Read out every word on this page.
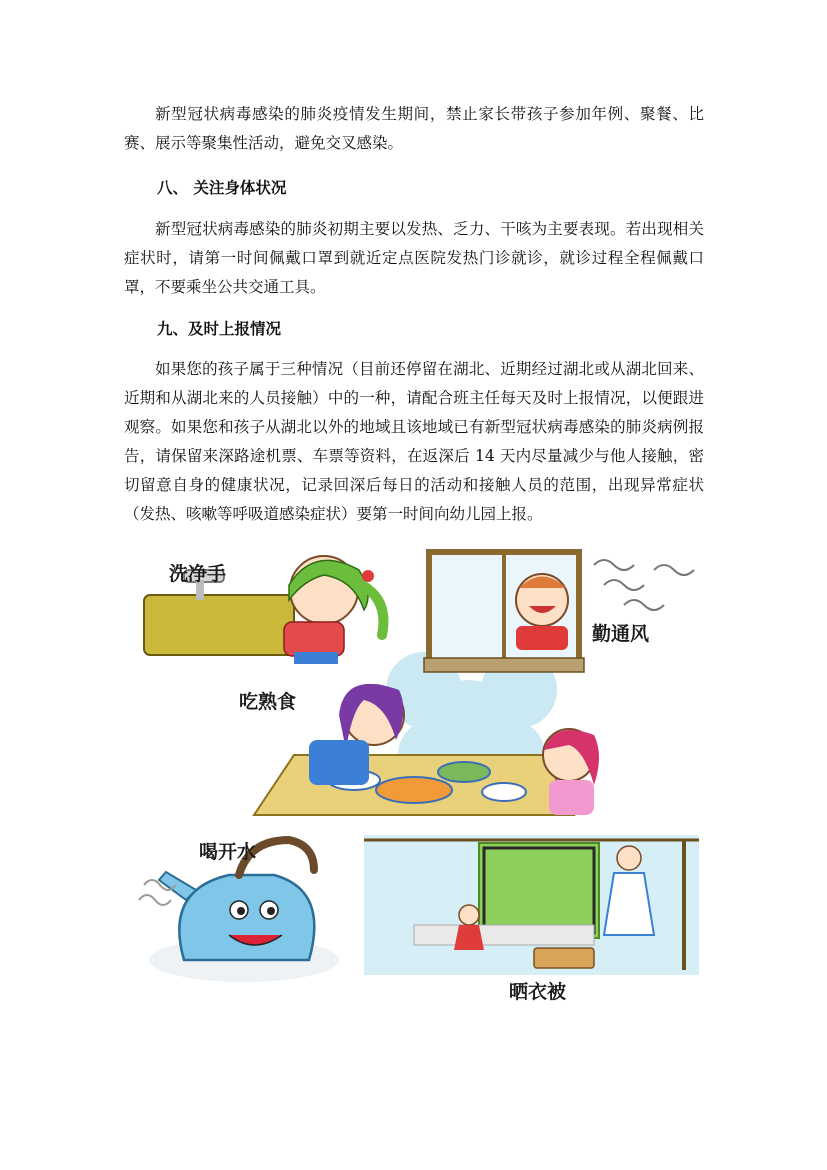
新型冠状病毒感染的肺炎疫情发生期间，禁止家长带孩子参加年例、聚餐、比赛、展示等聚集性活动，避免交叉感染。

八、 关注身体状况

新型冠状病毒感染的肺炎初期主要以发热、乏力、干咳为主要表现。若出现相关症状时，请第一时间佩戴口罩到就近定点医院发热门诊就诊，就诊过程全程佩戴口罩，不要乘坐公共交通工具。

九、及时上报情况

如果您的孩子属于三种情况（目前还停留在湖北、近期经过湖北或从湖北回来、近期和从湖北来的人员接触）中的一种，请配合班主任每天及时上报情况，以便跟进观察。如果您和孩子从湖北以外的地域且该地域已有新型冠状病毒感染的肺炎病例报告，请保留来深路途机票、车票等资料，在返深后 14 天内尽量减少与他人接触，密切留意自身的健康状况，记录回深后每日的活动和接触人员的范围，出现异常症状（发热、咳嗽等呼吸道感染症状）要第一时间向幼儿园上报。

洗净手
勤通风
吃熟食
喝开水
晒衣被
